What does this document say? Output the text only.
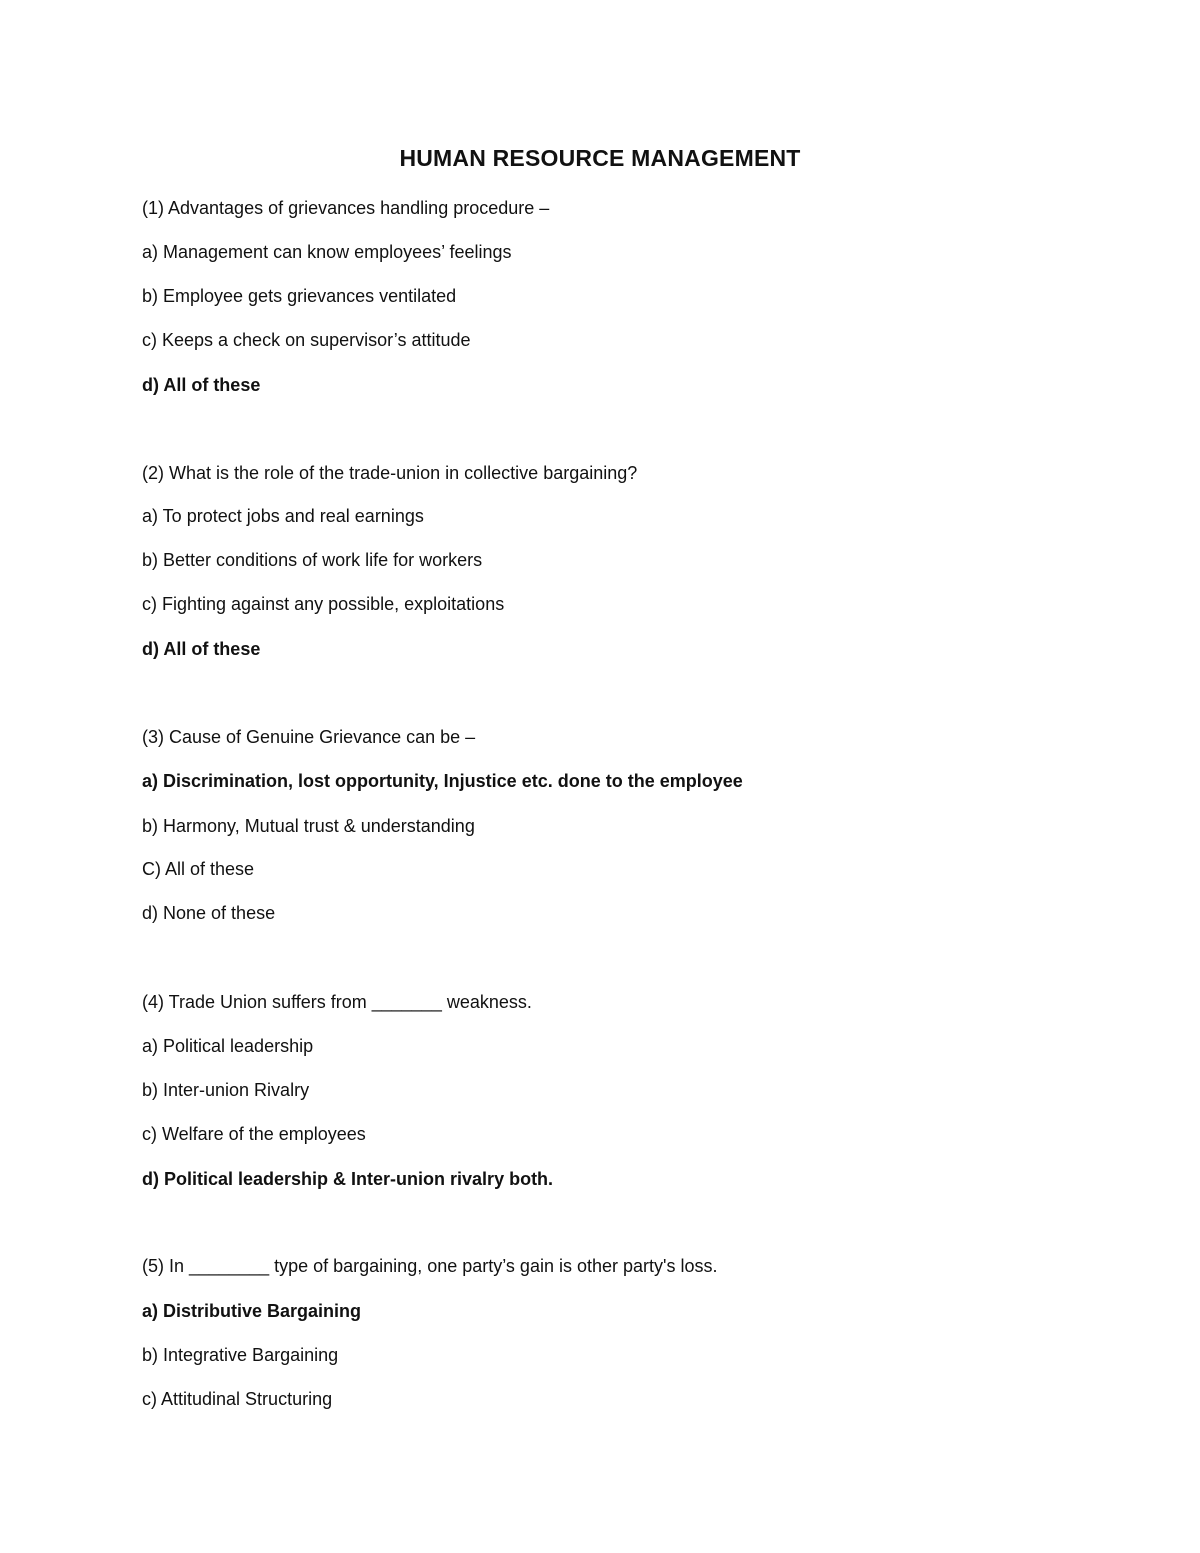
HUMAN RESOURCE MANAGEMENT
(1) Advantages of grievances handling procedure –
a) Management can know employees’ feelings
b) Employee gets grievances ventilated
c) Keeps a check on supervisor’s attitude
d) All of these
(2) What is the role of the trade-union in collective bargaining?
a) To protect jobs and real earnings
b) Better conditions of work life for workers
c) Fighting against any possible, exploitations
d) All of these
(3) Cause of Genuine Grievance can be –
a) Discrimination, lost opportunity, Injustice etc. done to the employee
b) Harmony, Mutual trust & understanding
C) All of these
d) None of these
(4) Trade Union suffers from _______ weakness.
a) Political leadership
b) Inter-union Rivalry
c) Welfare of the employees
d) Political leadership & Inter-union rivalry both.
(5) In ________ type of bargaining, one party’s gain is other party's loss.
a) Distributive Bargaining
b) Integrative Bargaining
c) Attitudinal Structuring
